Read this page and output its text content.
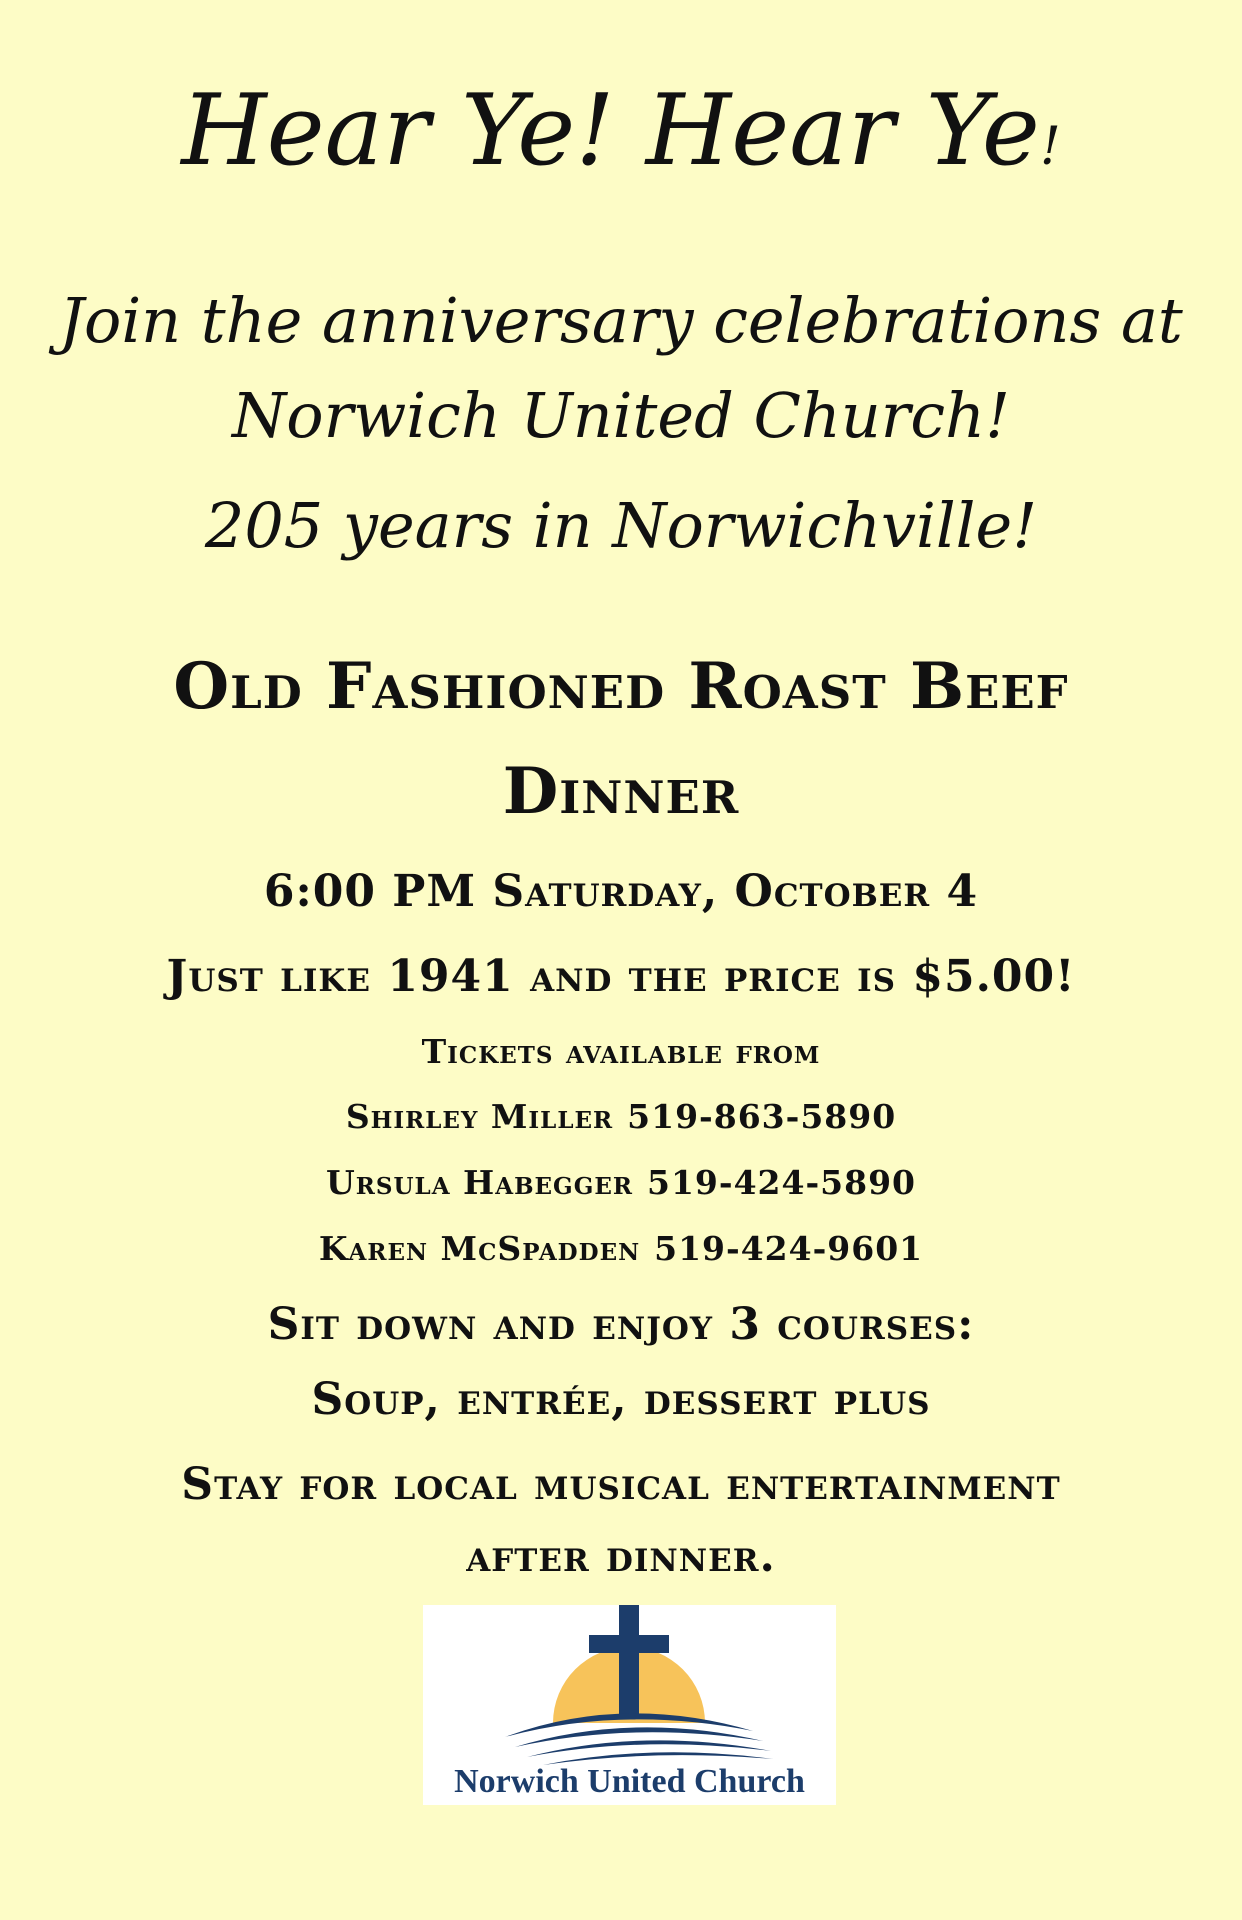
Hear Ye! Hear Ye!
Join the anniversary celebrations at
Norwich United Church!
205 years in Norwichville!
Old Fashioned Roast Beef
Dinner
6:00 PM Saturday, October 4
Just like 1941 and the price is $5.00!
Tickets available from
Shirley Miller 519-863-5890
Ursula Habegger 519-424-5890
Karen McSpadden 519-424-9601
Sit down and enjoy 3 courses:
Soup, entrée, dessert plus
Stay for local musical entertainment
after dinner.
Norwich United Church
